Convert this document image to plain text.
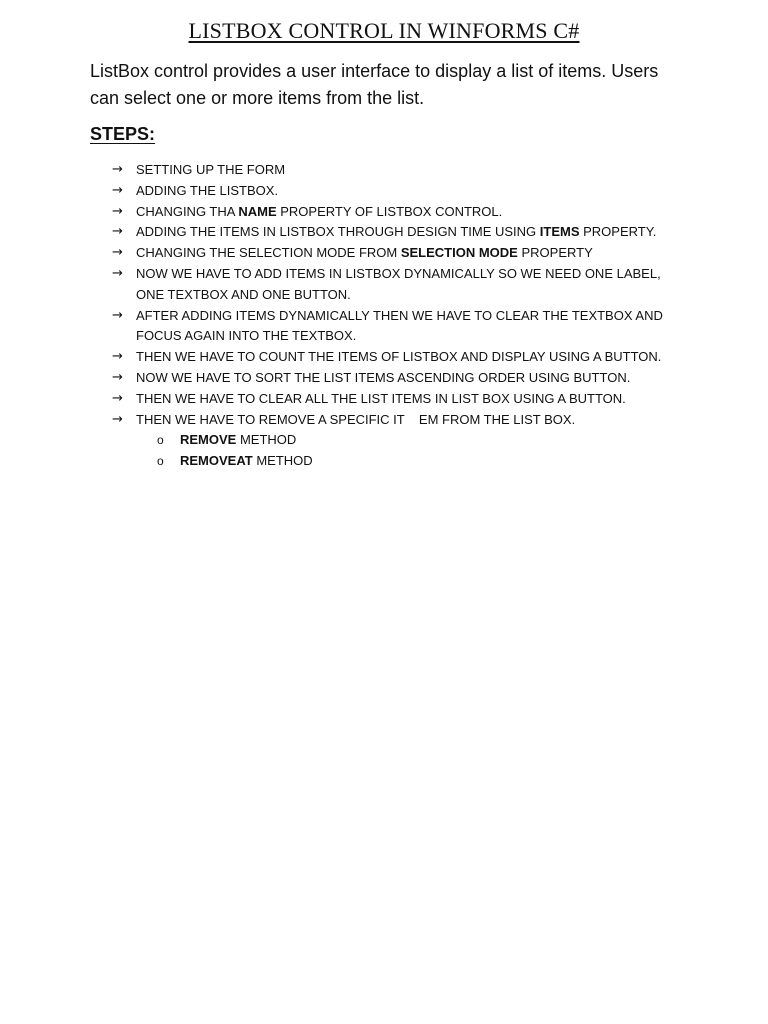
LISTBOX CONTROL IN WINFORMS C#

ListBox control provides a user interface to display a list of items. Users can select one or more items from the list.

STEPS:
→	SETTING UP THE FORM
→	ADDING THE LISTBOX.
→	CHANGING THA NAME PROPERTY OF LISTBOX CONTROL.
→	ADDING THE ITEMS IN LISTBOX THROUGH DESIGN TIME USING ITEMS PROPERTY.
→	CHANGING THE SELECTION MODE FROM SELECTION MODE PROPERTY
→	NOW WE HAVE TO ADD ITEMS IN LISTBOX DYNAMICALLY SO WE NEED ONE LABEL, ONE TEXTBOX AND ONE BUTTON.
→	AFTER ADDING ITEMS DYNAMICALLY THEN WE HAVE TO CLEAR THE TEXTBOX AND FOCUS AGAIN INTO THE TEXTBOX.
→	THEN WE HAVE TO COUNT THE ITEMS OF LISTBOX AND DISPLAY USING A BUTTON.
→	NOW WE HAVE TO SORT THE LIST ITEMS ASCENDING ORDER USING BUTTON.
→	THEN WE HAVE TO CLEAR ALL THE LIST ITEMS IN LIST BOX USING A BUTTON.
→	THEN WE HAVE TO REMOVE A SPECIFIC IT    EM FROM THE LIST BOX.
o	REMOVE METHOD
o	REMOVEAT METHOD
